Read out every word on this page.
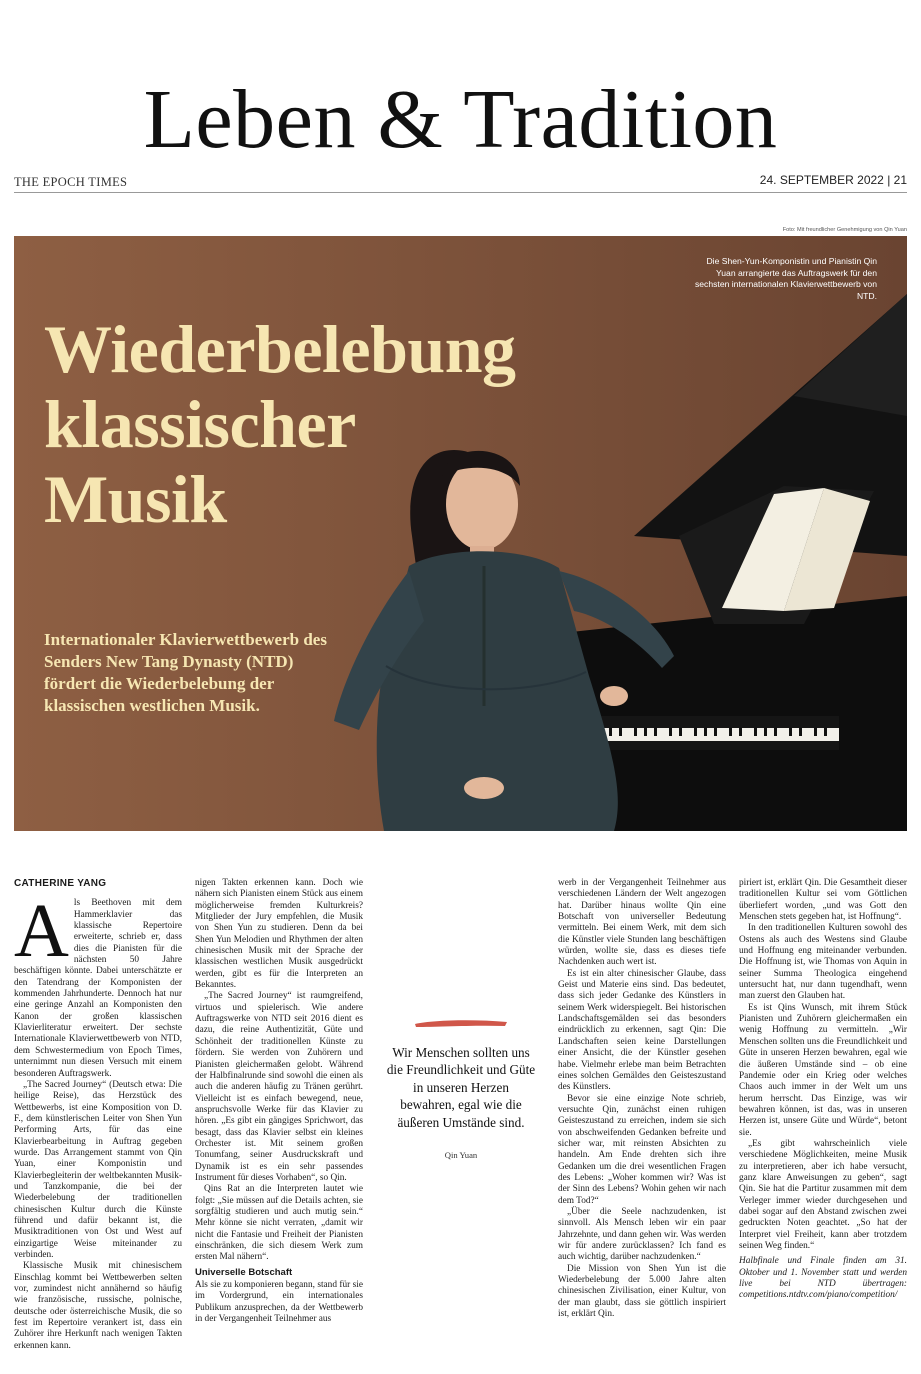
Leben & Tradition
THE EPOCH TIMES	24. SEPTEMBER 2022 | 21
Foto: Mit freundlicher Genehmigung von Qin Yuan
Wiederbelebung
klassischer
Musik

Internationaler Klavierwettbewerb des Senders New Tang Dynasty (NTD) fördert die Wiederbelebung der klassischen westlichen Musik.

Die Shen-Yun-Komponistin und Pianistin Qin Yuan arrangierte das Auftragswerk für den sechsten internationalen Klavierwettbewerb von NTD.
CATHERINE YANG
A ls Beethoven mit dem Hammerklavier das klassische Repertoire erweiterte, schrieb er, dass dies die Pianisten für die nächsten 50 Jahre beschäftigen könnte. Dabei unterschätzte er den Tatendrang der Komponisten der kommenden Jahrhunderte. Dennoch hat nur eine geringe Anzahl an Komponisten den Kanon der großen klassischen Klavierliteratur erweitert. Der sechste Internationale Klavierwettbewerb von NTD, dem Schwestermedium von Epoch Times, unternimmt nun diesen Versuch mit einem besonderen Auftragswerk.

„The Sacred Journey“ (Deutsch etwa: Die heilige Reise), das Herzstück des Wettbewerbs, ist eine Komposition von D. F., dem künstlerischen Leiter von Shen Yun Performing Arts, für das eine Klavierbearbeitung in Auftrag gegeben wurde. Das Arrangement stammt von Qin Yuan, einer Komponistin und Klavierbegleiterin der weltbekannten Musik- und Tanzkompanie, die bei der Wiederbelebung der traditionellen chinesischen Kultur durch die Künste führend und dafür bekannt ist, die Musiktraditionen von Ost und West auf einzigartige Weise miteinander zu verbinden.

Klassische Musik mit chinesischem Einschlag kommt bei Wettbewerben selten vor, zumindest nicht annähernd so häufig wie französische, russische, polnische, deutsche oder österreichische Musik, die so fest im Repertoire verankert ist, dass ein Zuhörer ihre Herkunft nach wenigen Takten erkennen kann.

nigen Takten erkennen kann. Doch wie nähern sich Pianisten einem Stück aus einem möglicherweise fremden Kulturkreis? Mitglieder der Jury empfehlen, die Musik von Shen Yun zu studieren. Denn da bei Shen Yun Melodien und Rhythmen der alten chinesischen Musik mit der Sprache der klassischen westlichen Musik ausgedrückt werden, gibt es für die Interpreten an Bekanntes.

„The Sacred Journey“ ist raumgreifend, virtuos und spielerisch. Wie andere Auftragswerke von NTD seit 2016 dient es dazu, die reine Authentizität, Güte und Schönheit der traditionellen Künste zu fördern. Sie werden von Zuhörern und Pianisten gleichermaßen gelobt. Während der Halbfinalrunde sind sowohl die einen als auch die anderen häufig zu Tränen gerührt. Vielleicht ist es einfach bewegend, neue, anspruchsvolle Werke für das Klavier zu hören. „Es gibt ein gängiges Sprichwort, das besagt, dass das Klavier selbst ein kleines Orchester ist. Mit seinem großen Tonumfang, seiner Ausdruckskraft und Dynamik ist es ein sehr passendes Instrument für dieses Vorhaben“, so Qin.

Qins Rat an die Interpreten lautet wie folgt: „Sie müssen auf die Details achten, sie sorgfältig studieren und auch mutig sein.“ Mehr könne sie nicht verraten, „damit wir nicht die Fantasie und Freiheit der Pianisten einschränken, die sich diesem Werk zum ersten Mal nähern“.

Universelle Botschaft

Als sie zu komponieren begann, stand für sie im Vordergrund, ein internationales Publikum anzusprechen, da der Wettbewerb in der Vergangenheit Teilnehmer aus

Wir Menschen sollten uns die Freundlichkeit und Güte in unseren Herzen bewahren, egal wie die äußeren Umstände sind.

Qin Yuan

werb in der Vergangenheit Teilnehmer aus verschiedenen Ländern der Welt angezogen hat. Darüber hinaus wollte Qin eine Botschaft von universeller Bedeutung vermitteln. Bei einem Werk, mit dem sich die Künstler viele Stunden lang beschäftigen würden, wollte sie, dass es dieses tiefe Nachdenken auch wert ist.

Es ist ein alter chinesischer Glaube, dass Geist und Materie eins sind. Das bedeutet, dass sich jeder Gedanke des Künstlers in seinem Werk widerspiegelt. Bei historischen Landschaftsgemälden sei das besonders eindrücklich zu erkennen, sagt Qin: Die Landschaften seien keine Darstellungen einer Ansicht, die der Künstler gesehen habe. Vielmehr erlebe man beim Betrachten eines solchen Gemäldes den Geisteszustand des Künstlers.

Bevor sie eine einzige Note schrieb, versuchte Qin, zunächst einen ruhigen Geisteszustand zu erreichen, indem sie sich von abschweifenden Gedanken befreite und sicher war, mit reinsten Absichten zu handeln. Am Ende drehten sich ihre Gedanken um die drei wesentlichen Fragen des Lebens: „Woher kommen wir? Was ist der Sinn des Lebens? Wohin gehen wir nach dem Tod?“

„Über die Seele nachzudenken, ist sinnvoll. Als Mensch leben wir ein paar Jahrzehnte, und dann gehen wir. Was werden wir für andere zurücklassen? Ich fand es auch wichtig, darüber nachzudenken.“

Die Mission von Shen Yun ist die Wiederbelebung der 5.000 Jahre alten chinesischen Zivilisation, einer Kultur, von der man glaubt, dass sie göttlich inspiriert ist, erklärt Qin.

piriert ist, erklärt Qin. Die Gesamtheit dieser traditionellen Kultur sei vom Göttlichen überliefert worden, „und was Gott den Menschen stets gegeben hat, ist Hoffnung“.

In den traditionellen Kulturen sowohl des Ostens als auch des Westens sind Glaube und Hoffnung eng miteinander verbunden. Die Hoffnung ist, wie Thomas von Aquin in seiner Summa Theologica eingehend untersucht hat, nur dann tugendhaft, wenn man zuerst den Glauben hat.

Es ist Qins Wunsch, mit ihrem Stück Pianisten und Zuhörern gleichermaßen ein wenig Hoffnung zu vermitteln. „Wir Menschen sollten uns die Freundlichkeit und Güte in unseren Herzen bewahren, egal wie die äußeren Umstände sind – ob eine Pandemie oder ein Krieg oder welches Chaos auch immer in der Welt um uns herum herrscht. Das Einzige, was wir bewahren können, ist das, was in unseren Herzen ist, unsere Güte und Würde“, betont sie.

„Es gibt wahrscheinlich viele verschiedene Möglichkeiten, meine Musik zu interpretieren, aber ich habe versucht, ganz klare Anweisungen zu geben“, sagt Qin. Sie hat die Partitur zusammen mit dem Verleger immer wieder durchgesehen und dabei sogar auf den Abstand zwischen zwei gedruckten Noten geachtet. „So hat der Interpret viel Freiheit, kann aber trotzdem seinen Weg finden.“

Halbfinale und Finale finden am 31. Oktober und 1. November statt und werden live bei NTD übertragen: competitions.ntdtv.com/piano/competition/
